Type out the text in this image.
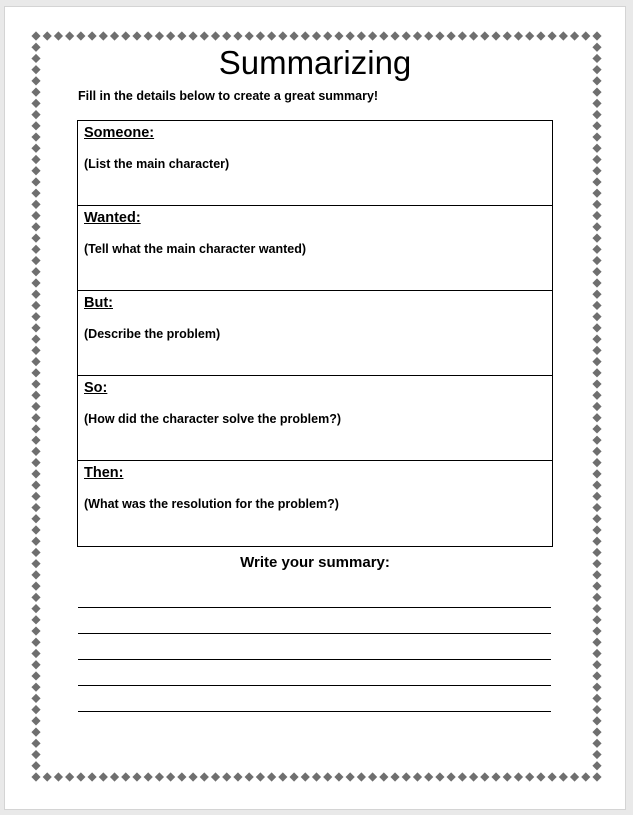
Summarizing
Fill in the details below to create a great summary!
Someone:
(List the main character)
Wanted:
(Tell what the main character wanted)
But:
(Describe the problem)
So:
(How did the character solve the problem?)
Then:
(What was the resolution for the problem?)
Write your summary:
